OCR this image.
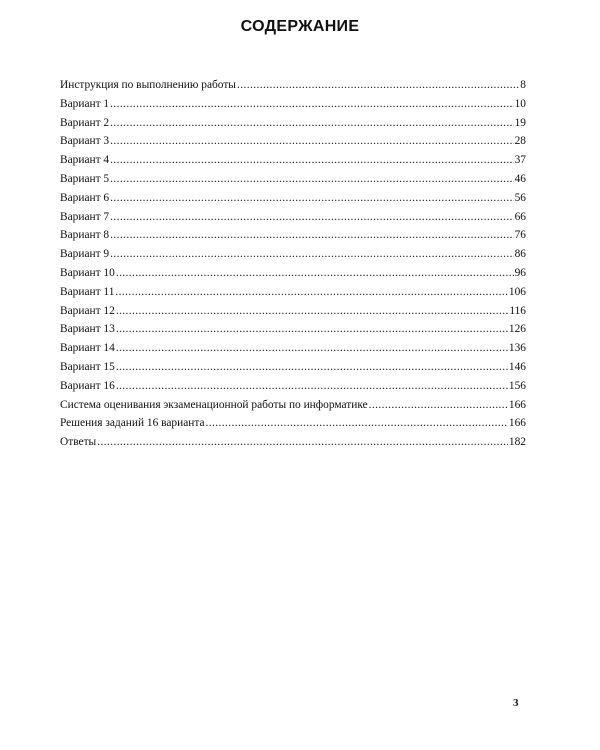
СОДЕРЖАНИЕ
Инструкция по выполнению работы .....	8
Вариант 1 .....	10
Вариант 2 .....	19
Вариант 3 .....	28
Вариант 4 .....	37
Вариант 5 .....	46
Вариант 6 .....	56
Вариант 7 .....	66
Вариант 8 .....	76
Вариант 9 .....	86
Вариант 10 .....	96
Вариант 11 .....	106
Вариант 12 .....	116
Вариант 13 .....	126
Вариант 14 .....	136
Вариант 15 .....	146
Вариант 16 .....	156
Система оценивания экзаменационной работы по информатике .....	166
Решения заданий 16 варианта .....	166
Ответы .....	182
3
